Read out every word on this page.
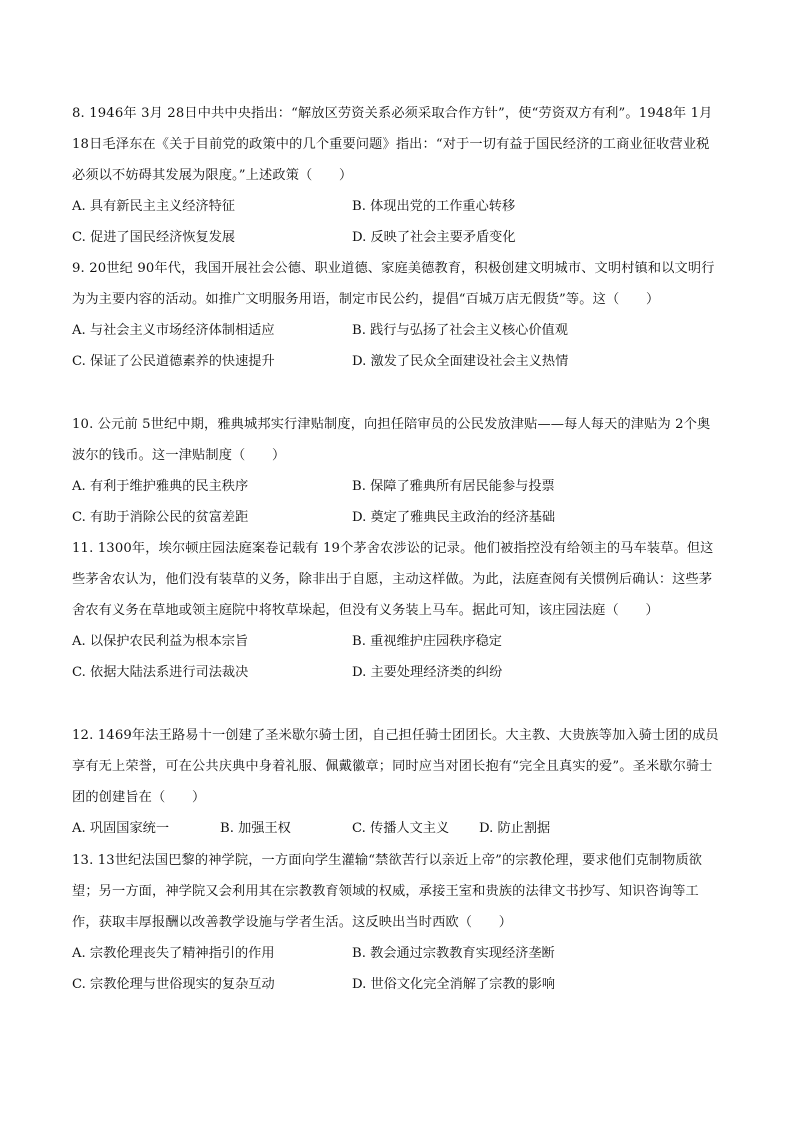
8. 1946年 3月 28日中共中央指出：“解放区劳资关系必须采取合作方针”，使“劳资双方有利”。1948年 1月 18日毛泽东在《关于目前党的政策中的几个重要问题》指出：“对于一切有益于国民经济的工商业征收营业税必须以不妨碍其发展为限度。”上述政策（　　）

A. 具有新民主主义经济特征	B. 体现出党的工作重心转移
C. 促进了国民经济恢复发展	D. 反映了社会主要矛盾变化

9. 20世纪 90年代，我国开展社会公德、职业道德、家庭美德教育，积极创建文明城市、文明村镇和以文明行为为主要内容的活动。如推广文明服务用语，制定市民公约，提倡“百城万店无假货”等。这（　　）

A. 与社会主义市场经济体制相适应	B. 践行与弘扬了社会主义核心价值观
C. 保证了公民道德素养的快速提升	D. 激发了民众全面建设社会主义热情

10. 公元前 5世纪中期，雅典城邦实行津贴制度，向担任陪审员的公民发放津贴——每人每天的津贴为 2个奥波尔的钱币。这一津贴制度（　　）

A. 有利于维护雅典的民主秩序	B. 保障了雅典所有居民能参与投票
C. 有助于消除公民的贫富差距	D. 奠定了雅典民主政治的经济基础

11. 1300年，埃尔顿庄园法庭案卷记载有 19个茅舍农涉讼的记录。他们被指控没有给领主的马车装草。但这些茅舍农认为，他们没有装草的义务，除非出于自愿，主动这样做。为此，法庭查阅有关惯例后确认：这些茅舍农有义务在草地或领主庭院中将牧草垛起，但没有义务装上马车。据此可知，该庄园法庭（　　）

A. 以保护农民利益为根本宗旨	B. 重视维护庄园秩序稳定
C. 依据大陆法系进行司法裁决	D. 主要处理经济类的纠纷

12. 1469年法王路易十一创建了圣米歇尔骑士团，自己担任骑士团团长。大主教、大贵族等加入骑士团的成员享有无上荣誉，可在公共庆典中身着礼服、佩戴徽章；同时应当对团长抱有“完全且真实的爱”。圣米歇尔骑士团的创建旨在（　　）

A. 巩固国家统一	B. 加强王权	C. 传播人文主义 D. 防止割据

13. 13世纪法国巴黎的神学院，一方面向学生灌输“禁欲苦行以亲近上帝”的宗教伦理，要求他们克制物质欲望；另一方面，神学院又会利用其在宗教教育领域的权威，承接王室和贵族的法律文书抄写、知识咨询等工作，获取丰厚报酬以改善教学设施与学者生活。这反映出当时西欧（　　）

A. 宗教伦理丧失了精神指引的作用	B. 教会通过宗教教育实现经济垄断
C. 宗教伦理与世俗现实的复杂互动	D. 世俗文化完全消解了宗教的影响
